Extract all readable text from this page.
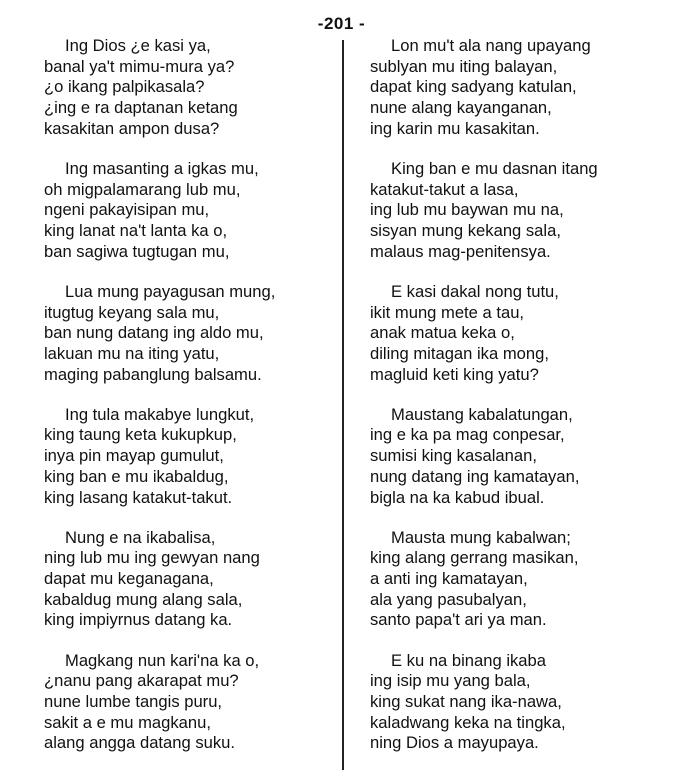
-201 -
Ing Dios ¿e kasi ya,
banal ya't mimu-mura ya?
¿o ikang palpikasala?
¿ing e ra daptanan ketang
kasakitan ampon dusa?
Ing masanting a igkas mu,
oh migpalamarang lub mu,
ngeni pakayisipan mu,
king lanat na't lanta ka o,
ban sagiwa tugtugan mu,
Lua mung payagusan mung,
itugtug keyang sala mu,
ban nung datang ing aldo mu,
lakuan mu na iting yatu,
maging pabanglung balsamu.
Ing tula makabye lungkut,
king taung keta kukupkup,
inya pin mayap gumulut,
king ban e mu ikabaldug,
king lasang katakut-takut.
Nung e na ikabalisa,
ning lub mu ing gewyan nang
dapat mu keganagana,
kabaldug mung alang sala,
king impiyrnus datang ka.
Magkang nun kari'na ka o,
¿nanu pang akarapat mu?
nune lumbe tangis puru,
sakit a e mu magkanu,
alang angga datang suku.
Lon mu't ala nang upayang
sublyan mu iting balayan,
dapat king sadyang katulan,
nune alang kayanganan,
ing karin mu kasakitan.
King ban e mu dasnan itang
katakut-takut a lasa,
ing lub mu baywan mu na,
sisyan mung kekang sala,
malaus mag-penitensya.
E kasi dakal nong tutu,
ikit mung mete a tau,
anak matua keka o,
diling mitagan ika mong,
magluid keti king yatu?
Maustang kabalatungan,
ing e ka pa mag conpesar,
sumisi king kasalanan,
nung datang ing kamatayan,
bigla na ka kabud ibual.
Mausta mung kabalwan;
king alang gerrang masikan,
a anti ing kamatayan,
ala yang pasubalyan,
santo papa't ari ya man.
E ku na binang ikaba
ing isip mu yang bala,
king sukat nang ika-nawa,
kaladwang keka na tingka,
ning Dios a mayupaya.
